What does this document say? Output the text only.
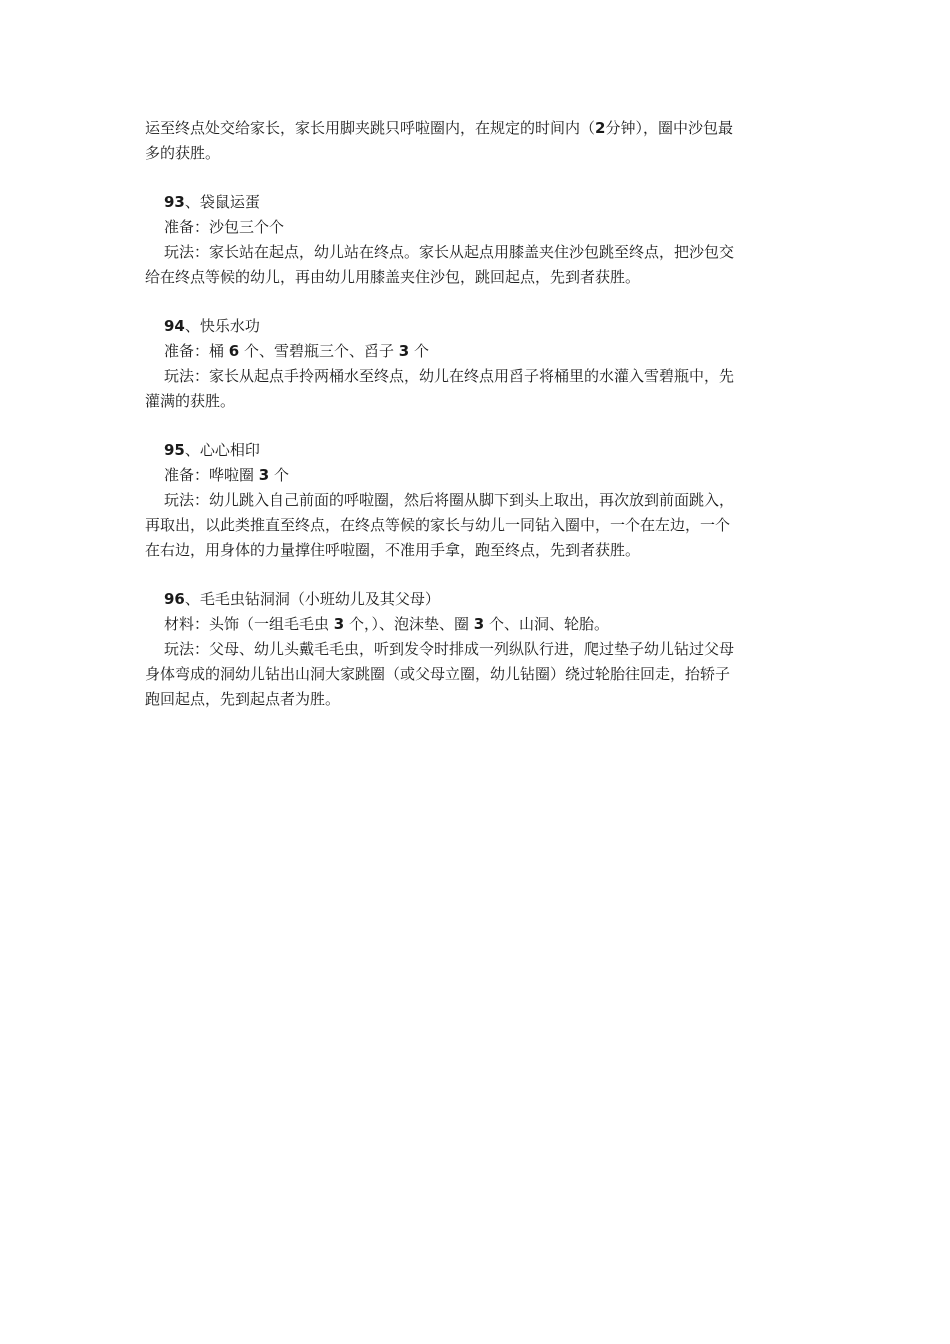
运至终点处交给家长，家长用脚夹跳只呼啦圈内，在规定的时间内（2分钟），圈中沙包最
多的获胜。
93、袋鼠运蛋
准备：沙包三个个
玩法：家长站在起点，幼儿站在终点。家长从起点用膝盖夹住沙包跳至终点，把沙包交
给在终点等候的幼儿，再由幼儿用膝盖夹住沙包，跳回起点，先到者获胜。
94、快乐水功
准备：桶 6 个、雪碧瓶三个、舀子 3 个
玩法：家长从起点手拎两桶水至终点，幼儿在终点用舀子将桶里的水灌入雪碧瓶中，先
灌满的获胜。
95、心心相印
准备：哗啦圈 3 个
玩法：幼儿跳入自己前面的呼啦圈，然后将圈从脚下到头上取出，再次放到前面跳入，
再取出，以此类推直至终点，在终点等候的家长与幼儿一同钻入圈中，一个在左边，一个
在右边，用身体的力量撑住呼啦圈，不准用手拿，跑至终点，先到者获胜。
96、毛毛虫钻洞洞（小班幼儿及其父母）
材料：头饰（一组毛毛虫 3 个，）、泡沫垫、圈 3 个、山洞、轮胎。
玩法：父母、幼儿头戴毛毛虫，听到发令时排成一列纵队行进，爬过垫子幼儿钻过父母
身体弯成的洞幼儿钻出山洞大家跳圈（或父母立圈，幼儿钻圈）绕过轮胎往回走，抬轿子
跑回起点，先到起点者为胜。
